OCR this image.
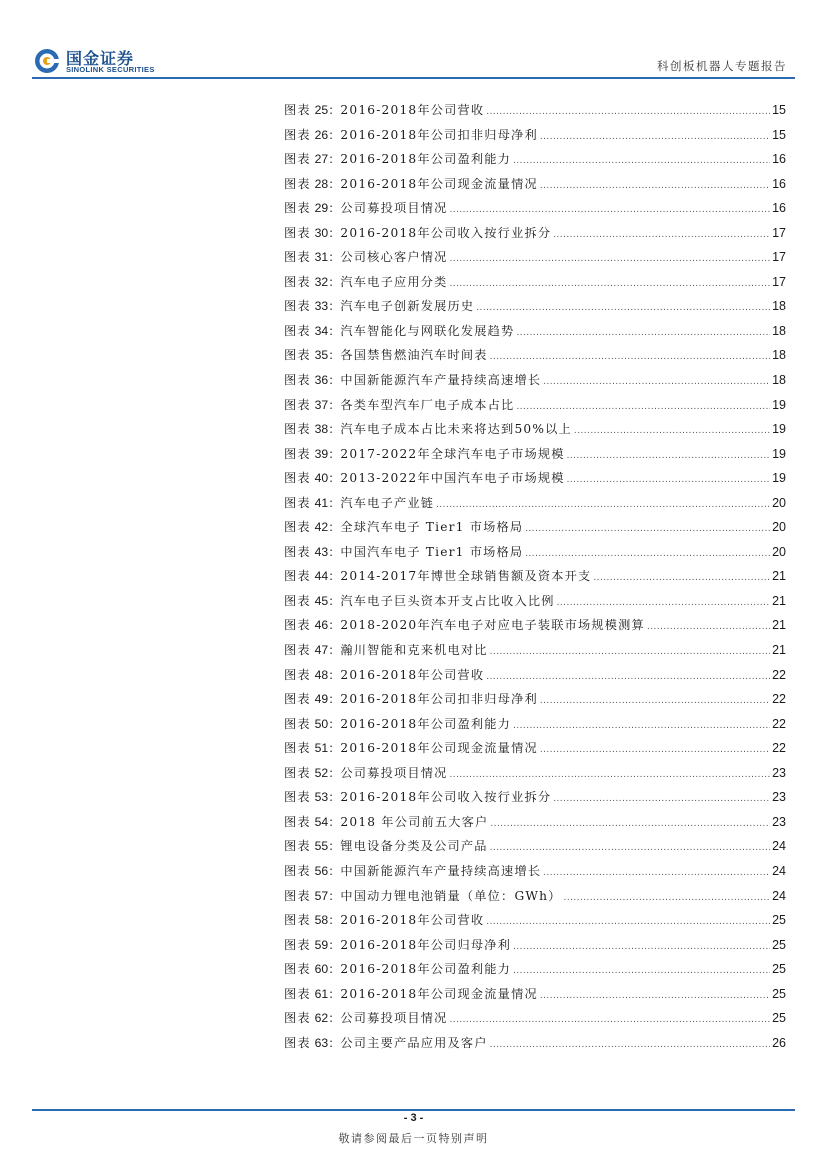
国金证券
SINOLINK SECURITIES	科创板机器人专题报告
图表 25：2016-2018年公司营收 .....	15
图表 26：2016-2018年公司扣非归母净利 .....	15
图表 27：2016-2018年公司盈利能力 .....	16
图表 28：2016-2018年公司现金流量情况 .....	16
图表 29：公司募投项目情况 .....	16
图表 30：2016-2018年公司收入按行业拆分 .....	17
图表 31：公司核心客户情况 .....	17
图表 32：汽车电子应用分类 .....	17
图表 33：汽车电子创新发展历史 .....	18
图表 34：汽车智能化与网联化发展趋势 .....	18
图表 35：各国禁售燃油汽车时间表 .....	18
图表 36：中国新能源汽车产量持续高速增长 .....	18
图表 37：各类车型汽车厂电子成本占比 .....	19
图表 38：汽车电子成本占比未来将达到50%以上 .....	19
图表 39：2017-2022年全球汽车电子市场规模 .....	19
图表 40：2013-2022年中国汽车电子市场规模 .....	19
图表 41：汽车电子产业链 .....	20
图表 42：全球汽车电子 Tier1 市场格局 .....	20
图表 43：中国汽车电子 Tier1 市场格局 .....	20
图表 44：2014-2017年博世全球销售额及资本开支 .....	21
图表 45：汽车电子巨头资本开支占比收入比例 .....	21
图表 46：2018-2020年汽车电子对应电子装联市场规模测算 .....	21
图表 47：瀚川智能和克来机电对比 .....	21
图表 48：2016-2018年公司营收 .....	22
图表 49：2016-2018年公司扣非归母净利 .....	22
图表 50：2016-2018年公司盈利能力 .....	22
图表 51：2016-2018年公司现金流量情况 .....	22
图表 52：公司募投项目情况 .....	23
图表 53：2016-2018年公司收入按行业拆分 .....	23
图表 54：2018 年公司前五大客户 .....	23
图表 55：锂电设备分类及公司产品 .....	24
图表 56：中国新能源汽车产量持续高速增长 .....	24
图表 57：中国动力锂电池销量（单位：GWh） .....	24
图表 58：2016-2018年公司营收 .....	25
图表 59：2016-2018年公司归母净利 .....	25
图表 60：2016-2018年公司盈利能力 .....	25
图表 61：2016-2018年公司现金流量情况 .....	25
图表 62：公司募投项目情况 .....	25
图表 63：公司主要产品应用及客户 .....	26
- 3 -
敬请参阅最后一页特别声明
